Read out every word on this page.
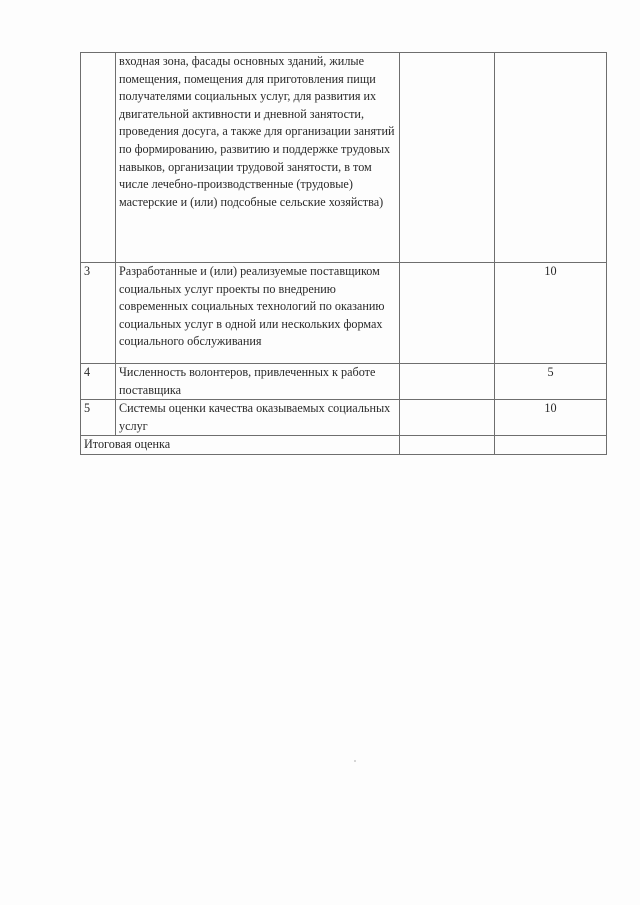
	входная зона, фасады основных зданий, жилые помещения, помещения для приготовления пищи получателями социальных услуг, для развития их двигательной активности и дневной занятости, проведения досуга, а также для организации занятий по формированию, развитию и поддержке трудовых навыков, организации трудовой занятости, в том числе лечебно-производственные (трудовые) мастерские и (или) подсобные сельские хозяйства)		
3	Разработанные и (или) реализуемые поставщиком социальных услуг проекты по внедрению современных социальных технологий по оказанию социальных услуг в одной или нескольких формах социального обслуживания		10
4	Численность волонтеров, привлеченных к работе поставщика		5
5	Системы оценки качества оказываемых социальных услуг		10
Итоговая оценка			
